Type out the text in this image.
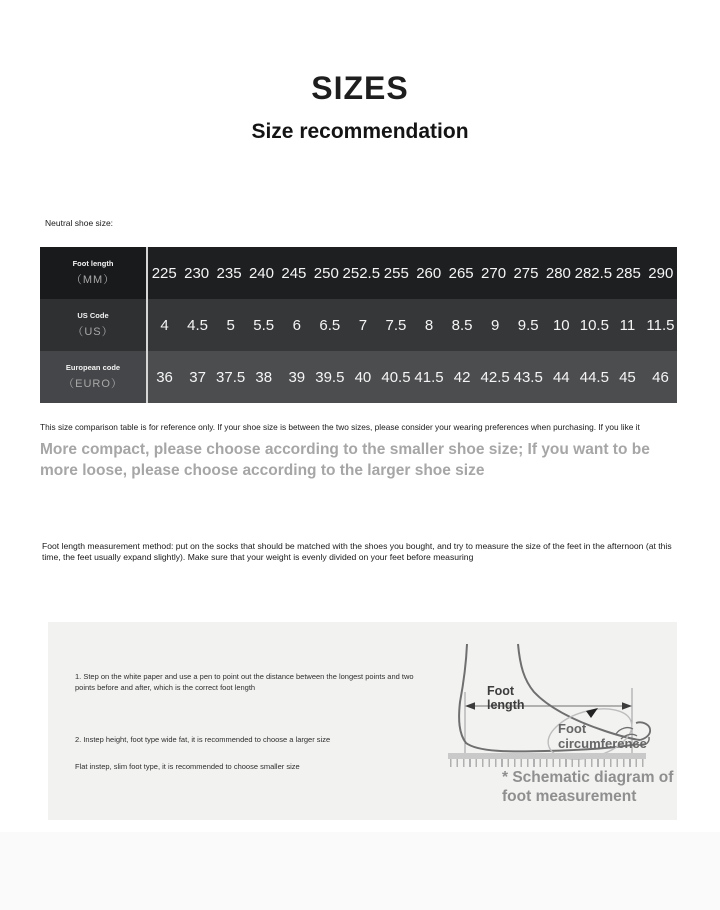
SIZES
Size recommendation
Neutral shoe size:
Foot length
（MM） 225 230 235 240 245 250 252.5 255 260 265 270 275 280 282.5 285 290
US Code
（US）	4	4.5	5	5.5	6	6.5	7	7.5	8	8.5	9	9.5 10 10.5 11 11.5
European code
（EURO）	36	37 37.5 38	39 39.5 40 40.5 41.5 42 42.5 43.5 44 44.5 45	46
This size comparison table is for reference only. If your shoe size is between the two sizes, please consider your wearing preferences when purchasing. If you like it
More compact, please choose according to the smaller shoe size; If you want to be more loose, please choose according to the larger shoe size
Foot length measurement method: put on the socks that should be matched with the shoes you bought, and try to measure the size of the feet in the afternoon (at this time, the feet usually expand slightly). Make sure that your weight is evenly divided on your feet before measuring
1. Step on the white paper and use a pen to point out the distance between the longest points and two points before and after, which is the correct foot length
2. Instep height, foot type wide fat, it is recommended to choose a larger size
Flat instep, slim foot type, it is recommended to choose smaller size
Foot length
Foot circumference
* Schematic diagram of foot measurement
